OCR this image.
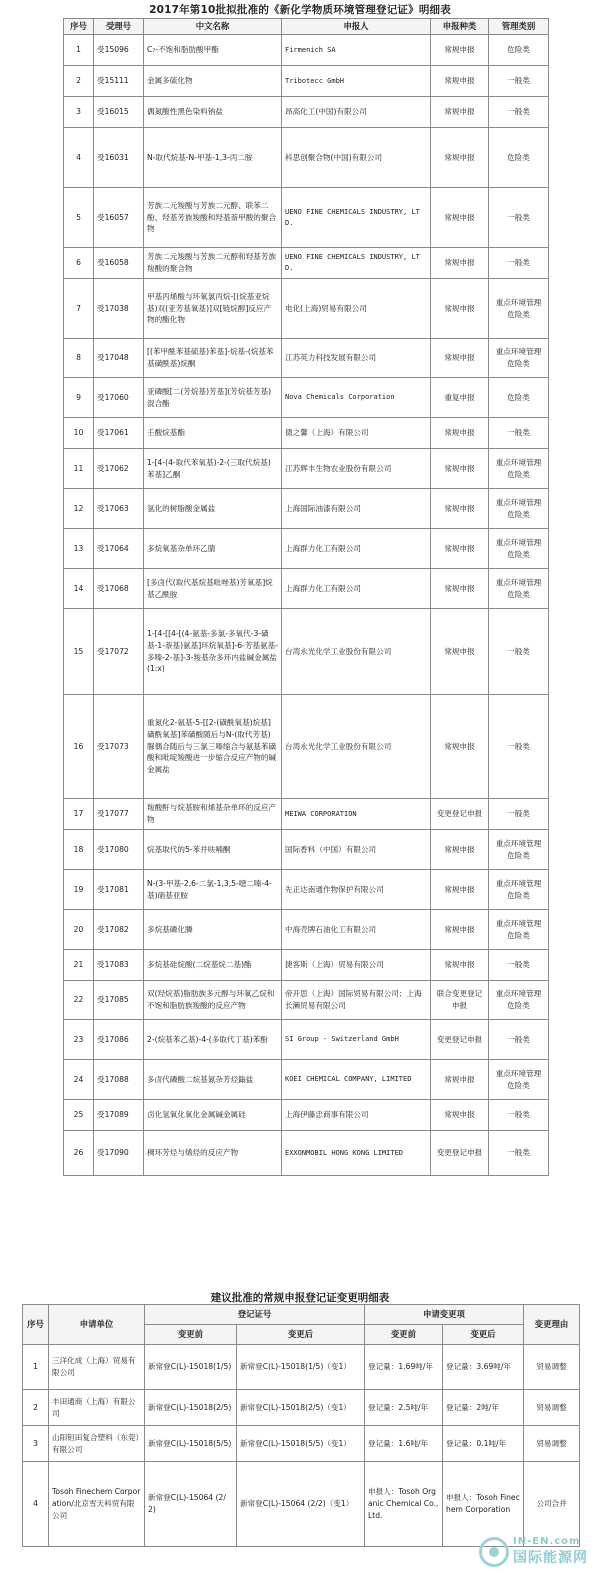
2017年第10批拟批准的《新化学物质环境管理登记证》明细表
序号	受理号	中文名称	申报人	申报种类	管理类别
1	受15096	C₇-不饱和脂肪酸甲酯	Firmenich SA	常规申报	危险类
2	受15111	金属多硫化物	Tribotecc GmbH	常规申报	一般类
3	受16015	偶氮酸性黑色染料钠盐	昂高化工(中国)有限公司	常规申报	一般类
4	受16031	N-取代烷基-N-甲基-1,3-丙二胺	科思创聚合物(中国)有限公司	常规申报	危险类
5	受16057	芳族二元羧酸与芳族二元醇、联苯二酚、羟基芳族羧酸和羟基萘甲酸的聚合物	UENO FINE CHEMICALS INDUSTRY, LTD.	常规申报	一般类
6	受16058	芳族二元羧酸与芳族二元醇和羟基芳族羧酸的聚合物	UENO FINE CHEMICALS INDUSTRY, LTD.	常规申报	一般类
7	受17038	甲基丙烯酸与环氧氯丙烷-[(烷基亚烷基)双(亚芳基氧基)]双[链烷醇]反应产物的酯化物	电化(上海)贸易有限公司	常规申报	重点环境管理危险类
8	受17048	[(苯甲酰苯基硫基)苯基]-烷基-(烷基苯基磺酰基)烷酮	江苏英力科技发展有限公司	常规申报	重点环境管理危险类
9	受17060	亚磷酸[二(芳烷基)芳基](芳烷基芳基)混合酯	Nova Chemicals Corporation	重复申报	危险类
10	受17061	壬酸烷基酯	德之馨（上海）有限公司	常规申报	一般类
11	受17062	1-[4-(4-取代苯氧基)-2-(三取代烷基)苯基]乙酮	江苏辉丰生物农业股份有限公司	常规申报	重点环境管理危险类
12	受17063	氢化的树脂酸金属盐	上海国际油漆有限公司	常规申报	重点环境管理危险类
13	受17064	多烷氧基杂单环乙腈	上海群力化工有限公司	常规申报	重点环境管理危险类
14	受17068	[多卤代(取代基烷基吡唑基)芳氧基]烷基乙酰胺	上海群力化工有限公司	常规申报	重点环境管理危险类
15	受17072	1-[4-[[4-[(4-氨基-多氯-多氧代-3-磺基-1-萘基)氨基]环烷氧基]-6-芳基氨基-多嗪-2-基]-3-羧基杂多环内盐碱金属盐 (1:x)	台湾永光化学工业股份有限公司	常规申报	一般类
16	受17073	重氮化2-氨基-5-[[2-(磺酰氧基)烷基]磺酰氧基]苯磺酸随后与N-(取代芳基)脲偶合随后与三氯三嗪缩合与氨基苯磺酸和吡啶羧酸进一步缩合反应产物的碱金属盐	台湾永光化学工业股份有限公司	常规申报	一般类
17	受17077	羧酸酐与烷基胺和烯基杂单环的反应产物	MEIWA CORPORATION	变更登记申报	一般类
18	受17080	烷基取代的5-苯并呋喃酮	国际香料（中国）有限公司	常规申报	重点环境管理危险类
19	受17081	N-(3-甲基-2,6-二氯-1,3,5-噁二嗪-4-基)硝基亚胺	先正达南通作物保护有限公司	常规申报	重点环境管理危险类
20	受17082	多烷基磷化膦	中海壳牌石油化工有限公司	常规申报	重点环境管理危险类
21	受17083	多烷基硅烷酸(二烷基烷二基)酯	捷客斯（上海）贸易有限公司	常规申报	一般类
22	受17085	双(羟烷基)脂肪族多元醇与环氧乙烷和不饱和脂肪族羧酸的反应产物	帝开思（上海）国际贸易有限公司；上海长濑贸易有限公司	联合变更登记申报	重点环境管理危险类
23	受17086	2-(烷基苯乙基)-4-(多取代丁基)苯酚	SI Group - Switzerland GmbH	变更登记申报	一般类
24	受17088	多卤代磷酸二烷基氮杂芳烃鎓盐	KOEI CHEMICAL COMPANY, LIMITED	常规申报	重点环境管理危险类
25	受17089	卤化氢氧化氧化金属碱金属硅	上海伊藤忠商事有限公司	常规申报	一般类
26	受17090	稠环芳烃与烯烃的反应产物	EXXONMOBIL HONG KONG LIMITED	变更登记申报	一般类
建议批准的常规申报登记证变更明细表
序号	申请单位	登记证号		申请变更项		变更理由
		变更前	变更后	变更前	变更后	
1	三洋化成（上海）贸易有限公司	新常登C(L)-15018(1/5)	新常登C(L)-15018(1/5)（变1）	登记量：1.69吨/年	登记量：3.69吨/年	贸易调整
2	丰田通商（上海）有限公司	新常登C(L)-15018(2/5)	新常登C(L)-15018(2/5)（变1）	登记量：2.5吨/年	登记量：2吨/年	贸易调整
3	山阳钽田复合塑料（东莞）有限公司	新常登C(L)-15018(5/5)	新常登C(L)-15018(5/5)（变1）	登记量：1.6吨/年	登记量：0.1吨/年	贸易调整
4	Tosoh Finechem Corporation/北京雪天科贸有限公司	新常登C(L)-15064 (2/2)	新常登C(L)-15064 (2/2)（变1）	申报人：Tosoh Organic Chemical Co., Ltd.	申报人：Tosoh Finechem Corporation	公司合并
IN-EN.com
国际能源网
